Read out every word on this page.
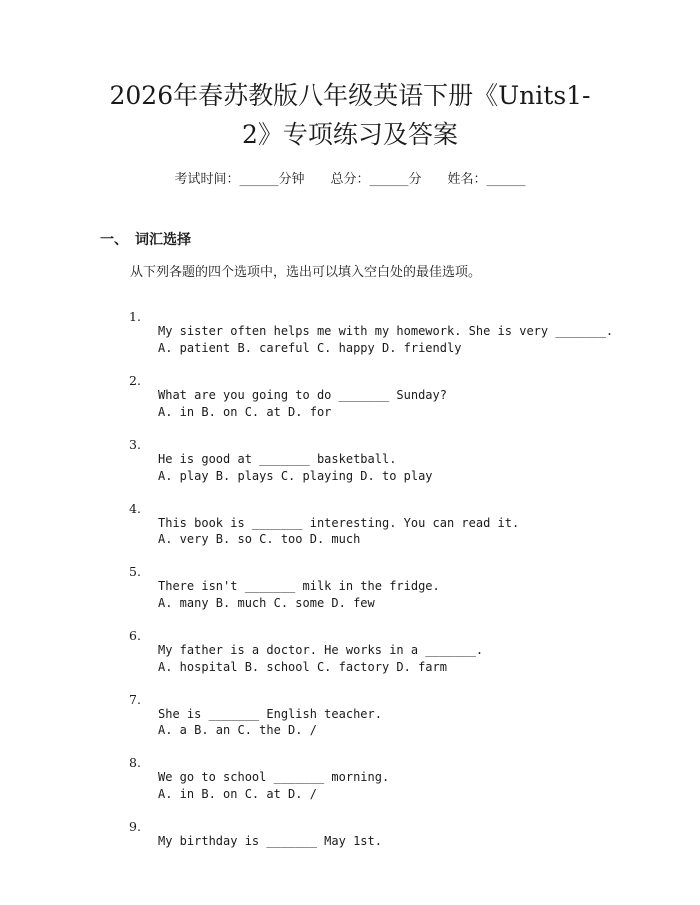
2026年春苏教版八年级英语下册《Units1-
2》专项练习及答案
考试时间：______分钟　　总分：______分　　姓名：______
一、　词汇选择
从下列各题的四个选项中，选出可以填入空白处的最佳选项。

1.

My sister often helps me with my homework. She is very _______.

A. patient B. careful C. happy D. friendly

2.

What are you going to do _______ Sunday?

A. in B. on C. at D. for

3.

He is good at _______ basketball.

A. play B. plays C. playing D. to play

4.

This book is _______ interesting. You can read it.

A. very B. so C. too D. much

5.

There isn't _______ milk in the fridge.

A. many B. much C. some D. few

6.

My father is a doctor. He works in a _______.

A. hospital B. school C. factory D. farm

7.

She is _______ English teacher.

A. a B. an C. the D. /

8.

We go to school _______ morning.

A. in B. on C. at D. /

9.

My birthday is _______ May 1st.
